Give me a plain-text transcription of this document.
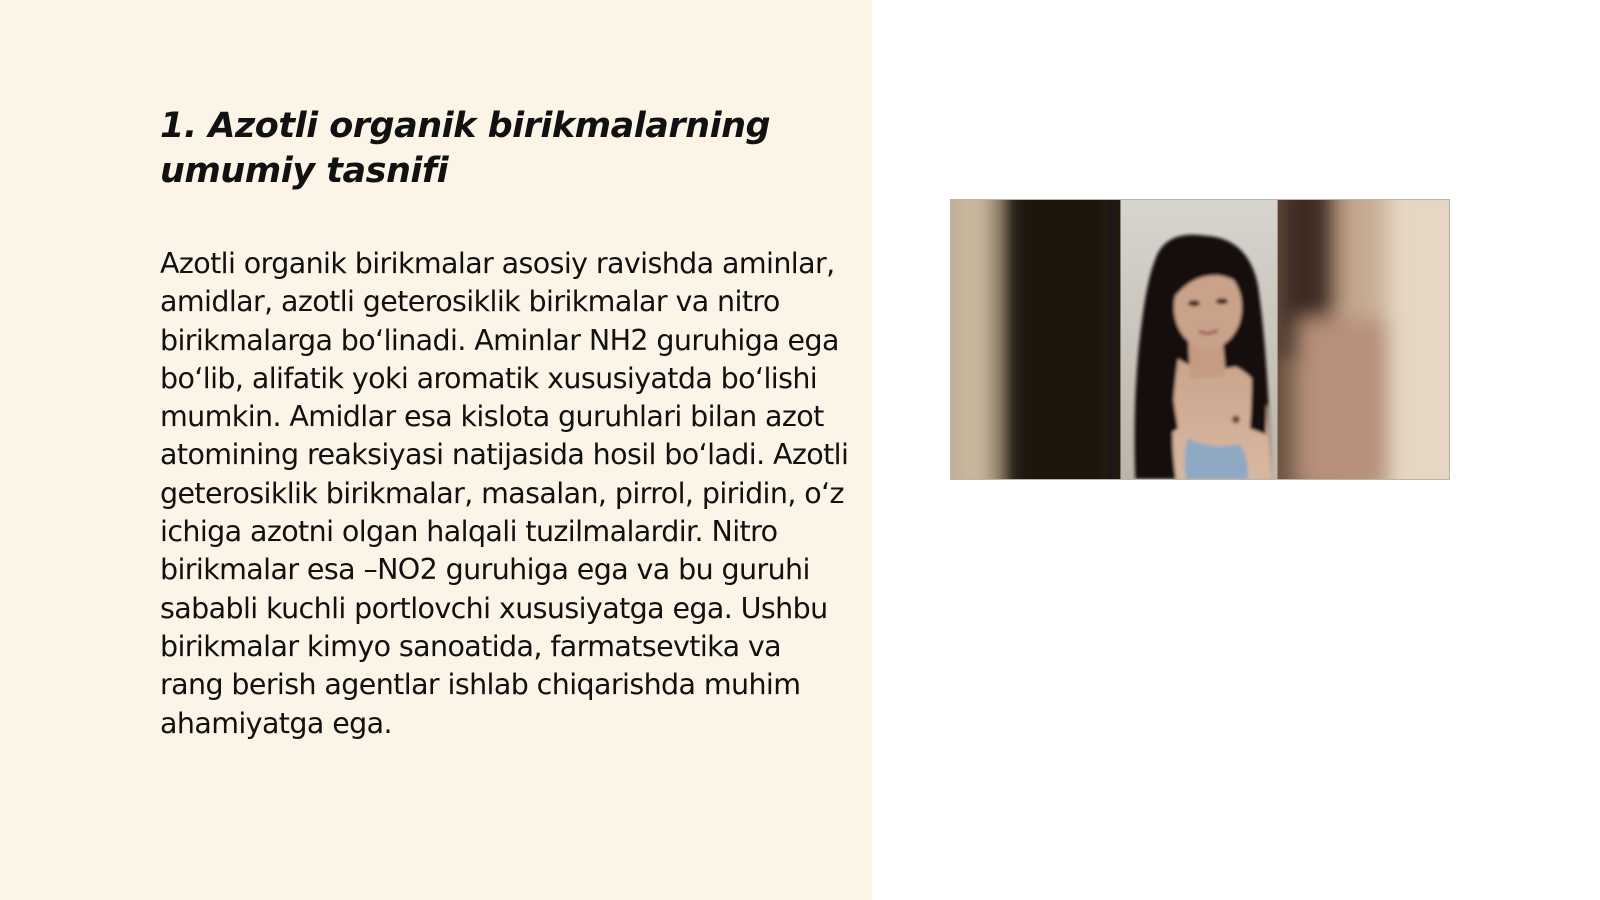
1. Azotli organik birikmalarning umumiy tasnifi

Azotli organik birikmalar asosiy ravishda aminlar, amidlar, azotli geterosiklik birikmalar va nitro birikmalarga boʻlinadi. Aminlar NH2 guruhiga ega boʻlib, alifatik yoki aromatik xususiyatda boʻlishi mumkin. Amidlar esa kislota guruhlari bilan azot atomining reaksiyasi natijasida hosil boʻladi. Azotli geterosiklik birikmalar, masalan, pirrol, piridin, oʻz ichiga azotni olgan halqali tuzilmalardir. Nitro birikmalar esa –NO2 guruhiga ega va bu guruhi sababli kuchli portlovchi xususiyatga ega. Ushbu birikmalar kimyo sanoatida, farmatsevtika va rang berish agentlar ishlab chiqarishda muhim ahamiyatga ega.
